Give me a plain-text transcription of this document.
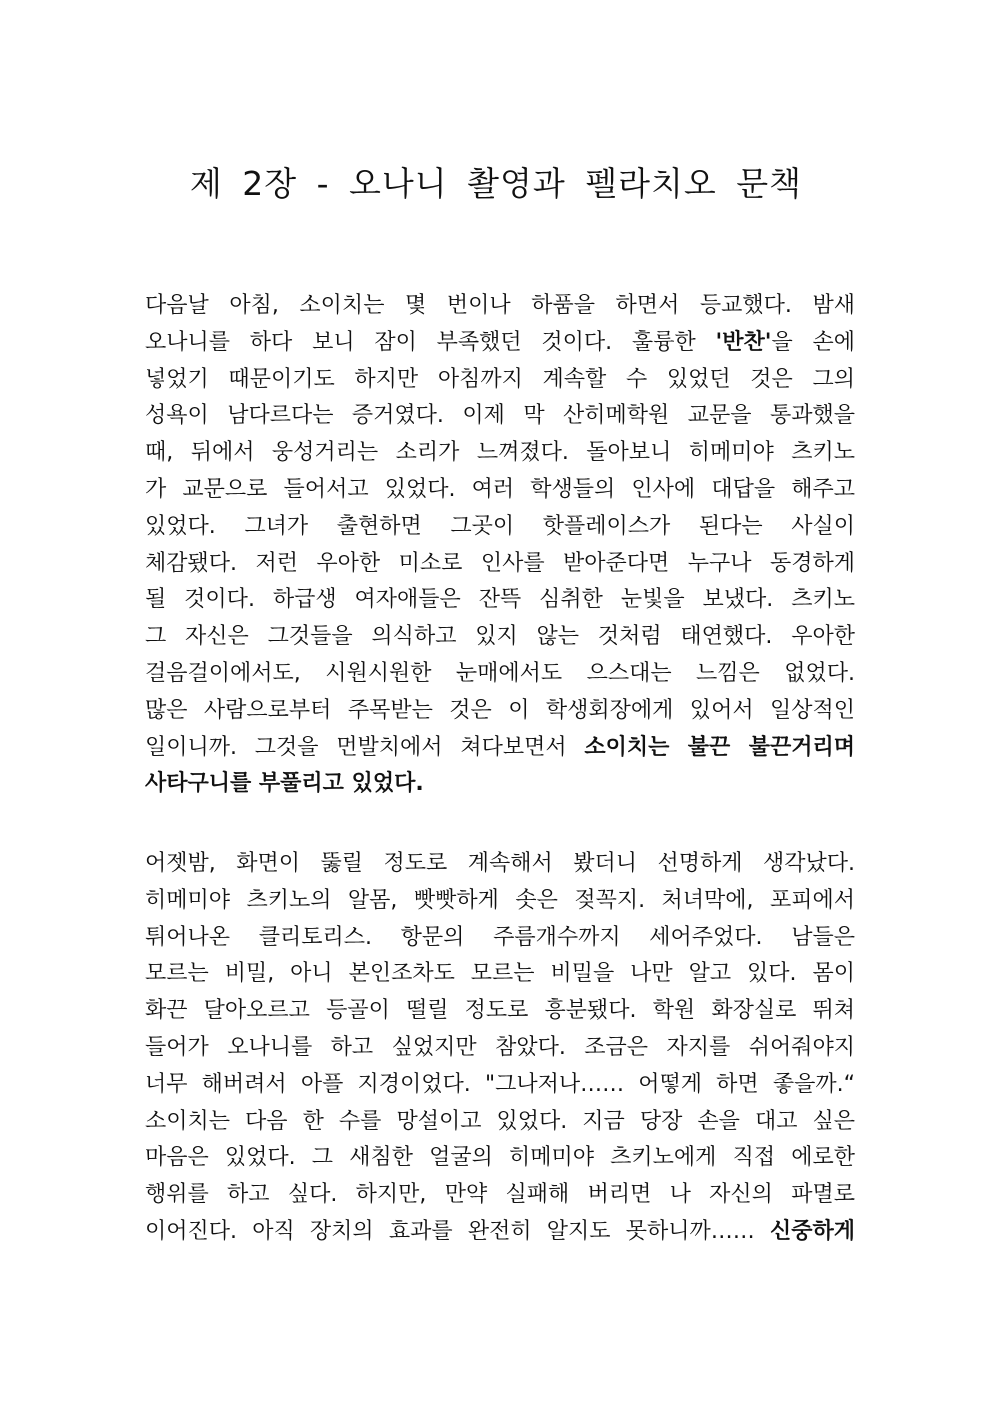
제 2장 - 오나니 촬영과 펠라치오 문책
다음날 아침, 소이치는 몇 번이나 하품을 하면서 등교했다. 밤새
오나니를 하다 보니 잠이 부족했던 것이다. 훌륭한 '반찬'을 손에
넣었기 때문이기도 하지만 아침까지 계속할 수 있었던 것은 그의
성욕이 남다르다는 증거였다. 이제 막 산히메학원 교문을 통과했을
때, 뒤에서 웅성거리는 소리가 느껴졌다. 돌아보니 히메미야 츠키노
가 교문으로 들어서고 있었다. 여러 학생들의 인사에 대답을 해주고
있었다. 그녀가 출현하면 그곳이 핫플레이스가 된다는 사실이
체감됐다. 저런 우아한 미소로 인사를 받아준다면 누구나 동경하게
될 것이다. 하급생 여자애들은 잔뜩 심취한 눈빛을 보냈다. 츠키노
그 자신은 그것들을 의식하고 있지 않는 것처럼 태연했다. 우아한
걸음걸이에서도, 시원시원한 눈매에서도 으스대는 느낌은 없었다.
많은 사람으로부터 주목받는 것은 이 학생회장에게 있어서 일상적인
일이니까. 그것을 먼발치에서 쳐다보면서 소이치는 불끈 불끈거리며
사타구니를 부풀리고 있었다.
어젯밤, 화면이 뚫릴 정도로 계속해서 봤더니 선명하게 생각났다.
히메미야 츠키노의 알몸, 빳빳하게 솟은 젖꼭지. 처녀막에, 포피에서
튀어나온 클리토리스. 항문의 주름개수까지 세어주었다. 남들은
모르는 비밀, 아니 본인조차도 모르는 비밀을 나만 알고 있다. 몸이
화끈 달아오르고 등골이 떨릴 정도로 흥분됐다. 학원 화장실로 뛰쳐
들어가 오나니를 하고 싶었지만 참았다. 조금은 자지를 쉬어줘야지
너무 해버려서 아플 지경이었다. "그나저나…… 어떻게 하면 좋을까.“
소이치는 다음 한 수를 망설이고 있었다. 지금 당장 손을 대고 싶은
마음은 있었다. 그 새침한 얼굴의 히메미야 츠키노에게 직접 에로한
행위를 하고 싶다. 하지만, 만약 실패해 버리면 나 자신의 파멸로
이어진다. 아직 장치의 효과를 완전히 알지도 못하니까…… 신중하게
